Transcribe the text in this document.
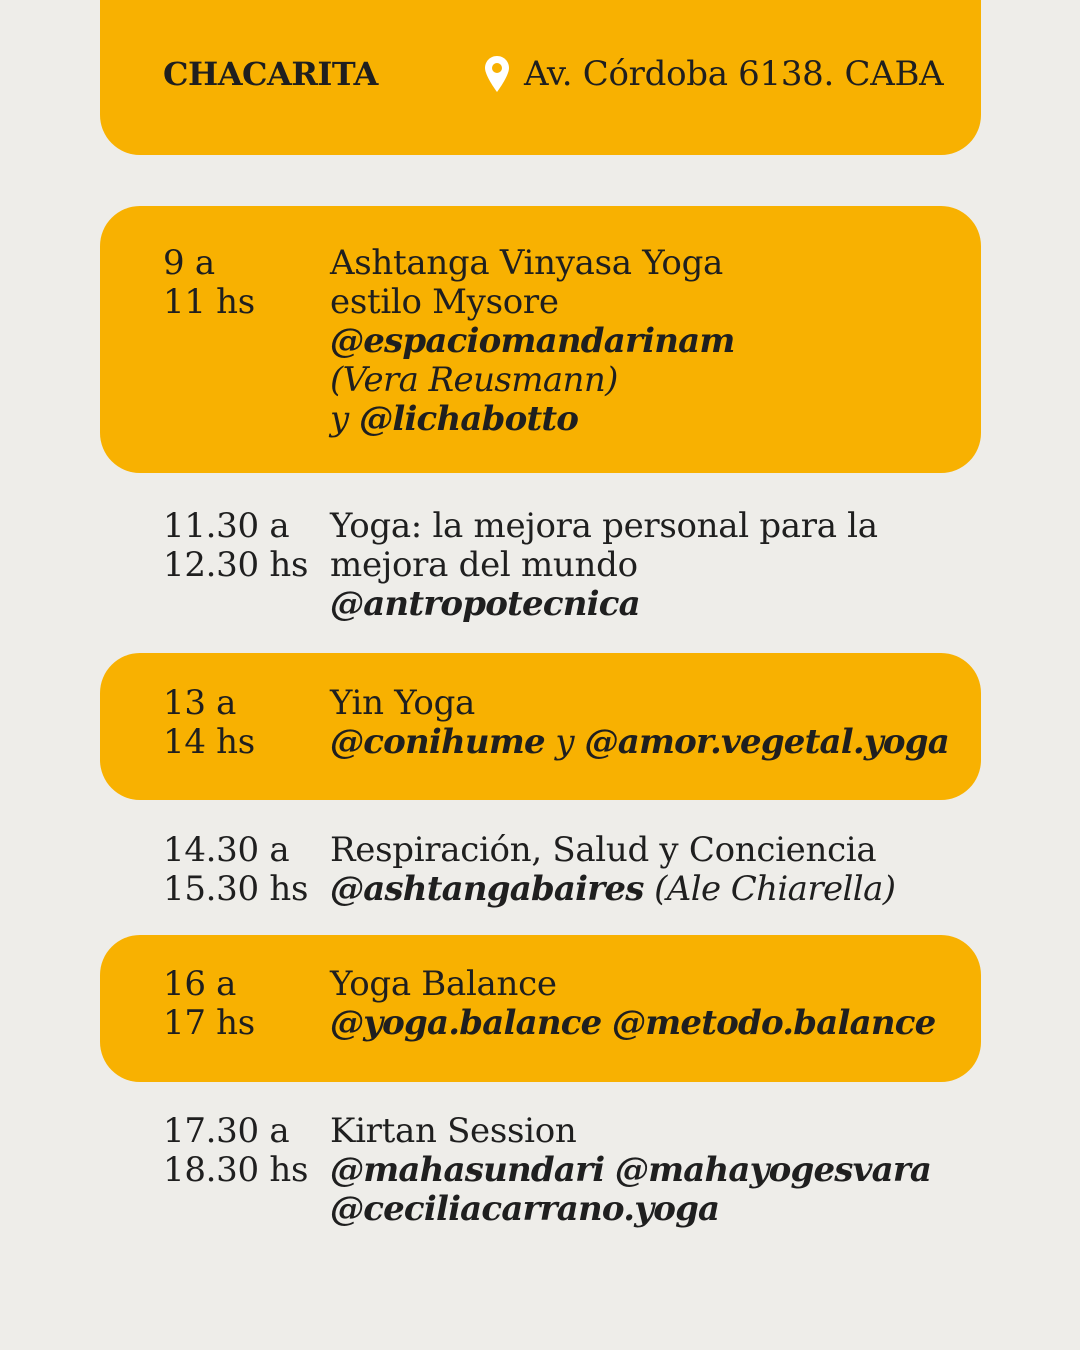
CHACARITA	Av. Córdoba 6138. CABA
9 a
11 hs
Ashtanga Vinyasa Yoga
estilo Mysore
@espaciomandarinam
(Vera Reusmann)
y @lichabotto
11.30 a
12.30 hs
Yoga: la mejora personal para la
mejora del mundo
@antropotecnica
13 a
14 hs
Yin Yoga
@conihume y @amor.vegetal.yoga
14.30 a
15.30 hs
Respiración, Salud y Conciencia
@ashtangabaires (Ale Chiarella)
16 a
17 hs
Yoga Balance
@yoga.balance @metodo.balance
17.30 a
18.30 hs
Kirtan Session
@mahasundari @mahayogesvara
@ceciliacarrano.yoga
